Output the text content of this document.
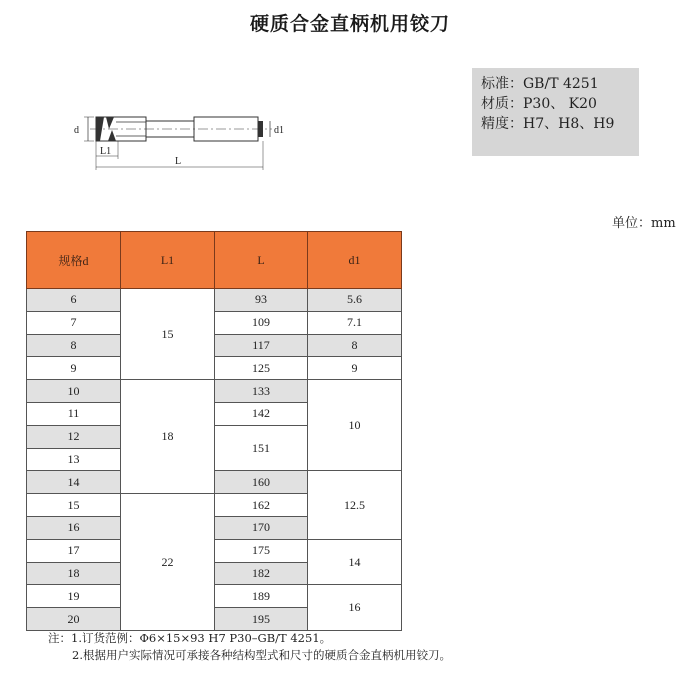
硬质合金直柄机用铰刀
标准：GB/T 4251
材质：P30、 K20
精度：H7、H8、H9
d	d1
L1
L
单位：mm
规格d	L1	L	d1
6	15	93	5.6
7		109	7.1
8		117	8
9		125	9
10	18	133	10
11		142	
12		151	
13			
14		160	12.5
15	22	162	
16		170	
17		175	14
18		182	
19		189	16
20		195	
注：1.订货范例：Φ6×15×93 H7 P30–GB/T 4251。
2.根据用户实际情况可承接各种结构型式和尺寸的硬质合金直柄机用铰刀。
